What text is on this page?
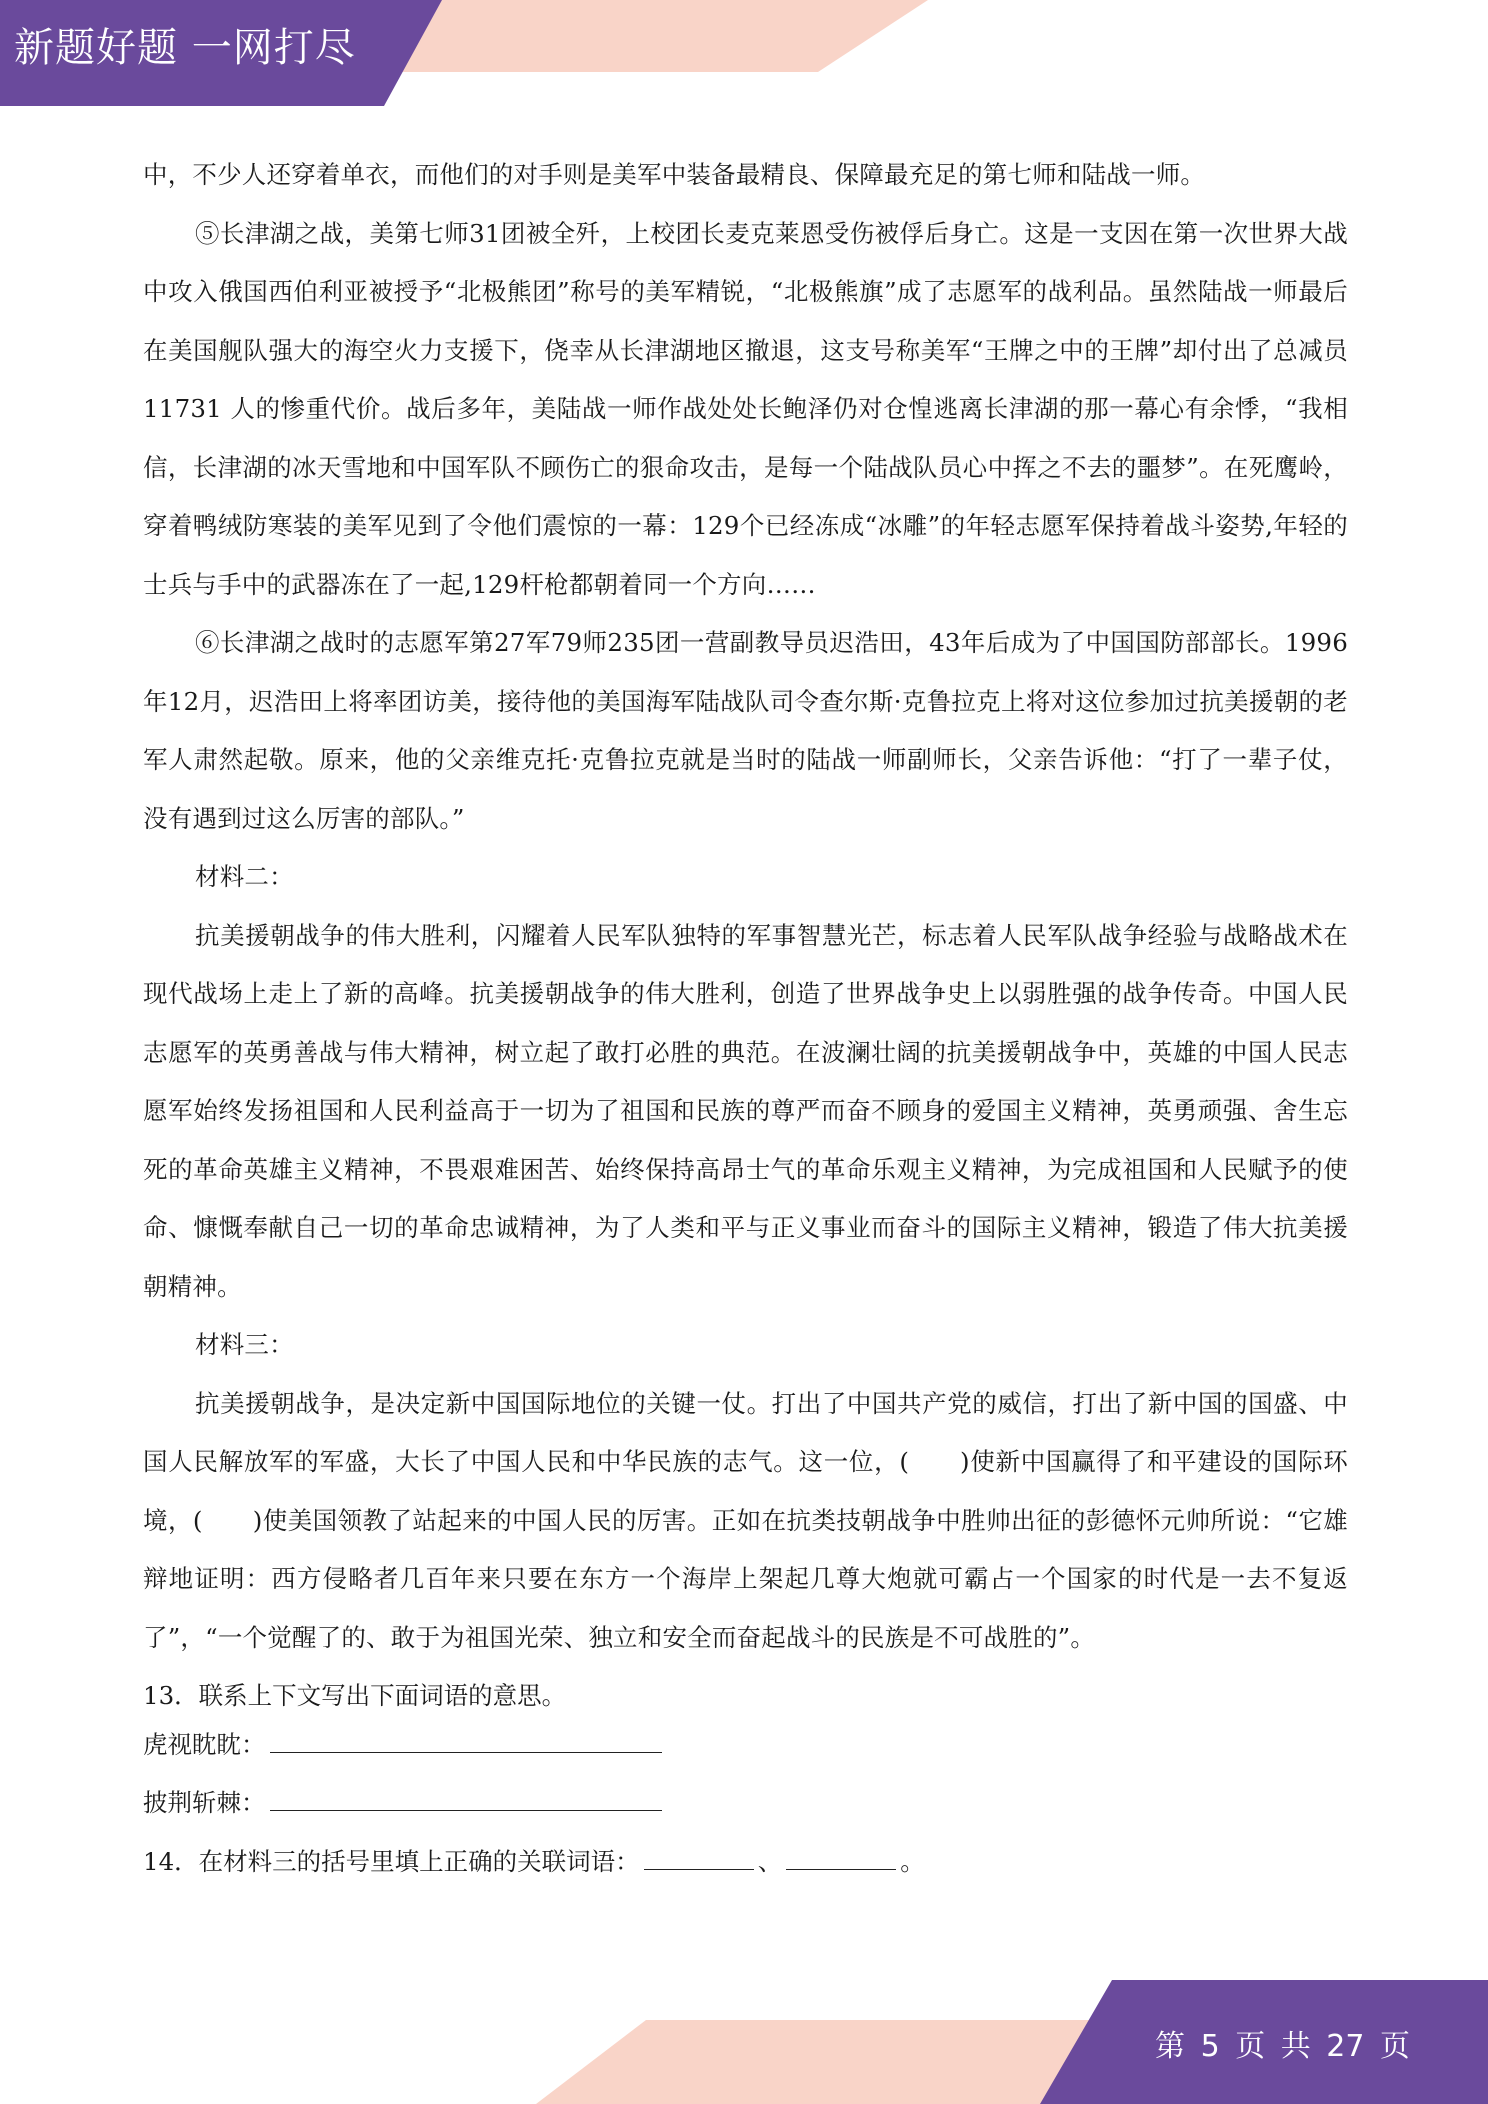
新题好题 一网打尽

中，不少人还穿着单衣，而他们的对手则是美军中装备最精良、保障最充足的第七师和陆战一师。

⑤长津湖之战，美第七师31团被全歼，上校团长麦克莱恩受伤被俘后身亡。这是一支因在第一次世界大战中攻入俄国西伯利亚被授予“北极熊团”称号的美军精锐，“北极熊旗”成了志愿军的战利品。虽然陆战一师最后在美国舰队强大的海空火力支援下，侥幸从长津湖地区撤退，这支号称美军“王牌之中的王牌”却付出了总减员11731 人的惨重代价。战后多年，美陆战一师作战处处长鲍泽仍对仓惶逃离长津湖的那一幕心有余悸，“我相信，长津湖的冰天雪地和中国军队不顾伤亡的狠命攻击，是每一个陆战队员心中挥之不去的噩梦”。在死鹰岭，穿着鸭绒防寒装的美军见到了令他们震惊的一幕：129个已经冻成“冰雕”的年轻志愿军保持着战斗姿势,年轻的士兵与手中的武器冻在了一起,129杆枪都朝着同一个方向……

⑥长津湖之战时的志愿军第27军79师235团一营副教导员迟浩田，43年后成为了中国国防部部长。1996年12月，迟浩田上将率团访美，接待他的美国海军陆战队司令查尔斯·克鲁拉克上将对这位参加过抗美援朝的老军人肃然起敬。原来，他的父亲维克托·克鲁拉克就是当时的陆战一师副师长，父亲告诉他：“打了一辈子仗，没有遇到过这么厉害的部队。”

材料二：

抗美援朝战争的伟大胜利，闪耀着人民军队独特的军事智慧光芒，标志着人民军队战争经验与战略战术在现代战场上走上了新的高峰。抗美援朝战争的伟大胜利，创造了世界战争史上以弱胜强的战争传奇。中国人民志愿军的英勇善战与伟大精神，树立起了敢打必胜的典范。在波澜壮阔的抗美援朝战争中，英雄的中国人民志愿军始终发扬祖国和人民利益高于一切为了祖国和民族的尊严而奋不顾身的爱国主义精神，英勇顽强、舍生忘死的革命英雄主义精神，不畏艰难困苦、始终保持高昂士气的革命乐观主义精神，为完成祖国和人民赋予的使命、慷慨奉献自己一切的革命忠诚精神，为了人类和平与正义事业而奋斗的国际主义精神，锻造了伟大抗美援朝精神。

材料三：

抗美援朝战争，是决定新中国国际地位的关键一仗。打出了中国共产党的威信，打出了新中国的国盛、中国人民解放军的军盛，大长了中国人民和中华民族的志气。这一位，(　　)使新中国赢得了和平建设的国际环境，(　　)使美国领教了站起来的中国人民的厉害。正如在抗类技朝战争中胜帅出征的彭德怀元帅所说：“它雄辩地证明：西方侵略者几百年来只要在东方一个海岸上架起几尊大炮就可霸占一个国家的时代是一去不复返了”，“一个觉醒了的、敢于为祖国光荣、独立和安全而奋起战斗的民族是不可战胜的”。

13．联系上下文写出下面词语的意思。

虎视眈眈：
披荆斩棘：
14．在材料三的括号里填上正确的关联词语：	、	。
第 5 页 共 27 页
